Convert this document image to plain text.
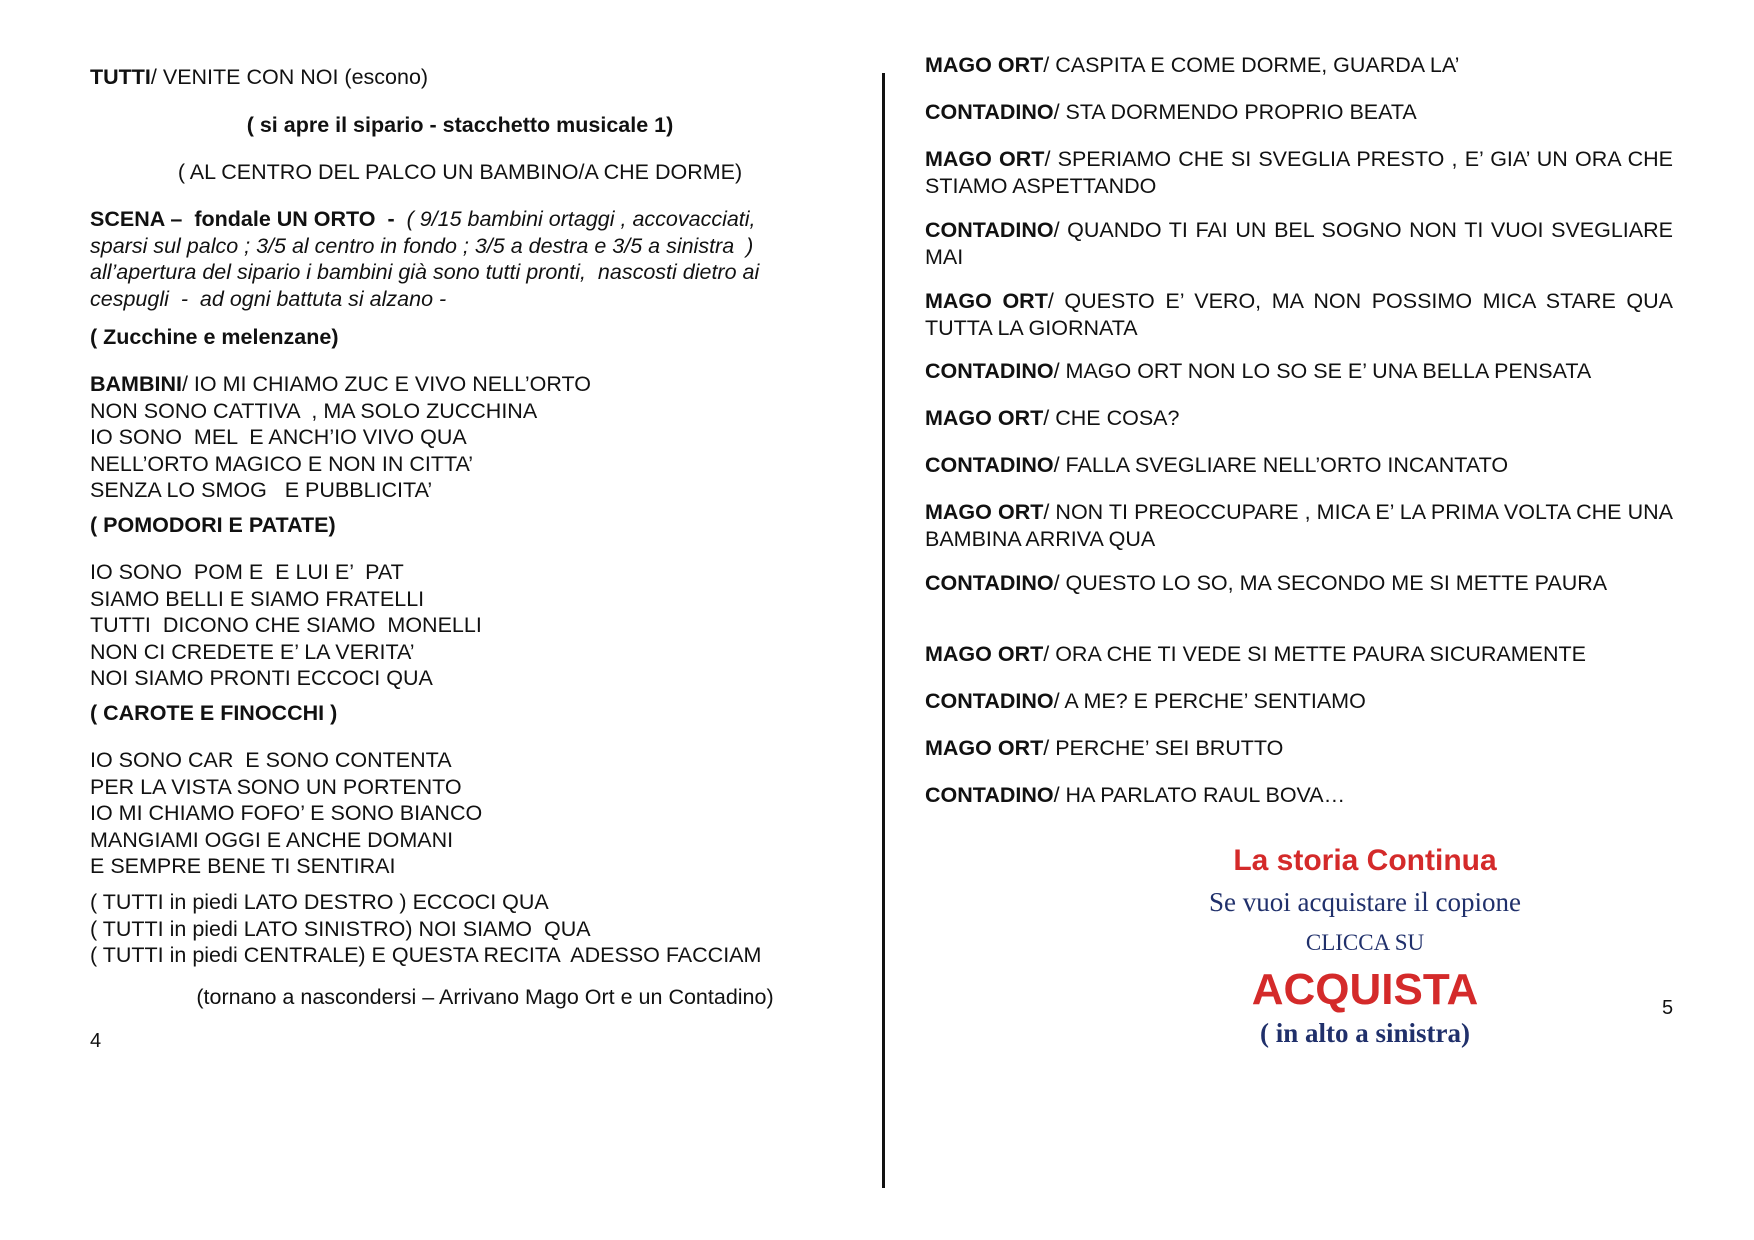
TUTTI/ VENITE CON NOI (escono)

( si apre il sipario - stacchetto musicale 1)

( AL CENTRO DEL PALCO UN BAMBINO/A CHE DORME)

SCENA –  fondale UN ORTO  -  ( 9/15 bambini ortaggi , accovacciati,
sparsi sul palco ; 3/5 al centro in fondo ; 3/5 a destra e 3/5 a sinistra  )
all’apertura del sipario i bambini già sono tutti pronti,  nascosti dietro ai
cespugli  -  ad ogni battuta si alzano -

( Zucchine e melenzane)

BAMBINI/ IO MI CHIAMO ZUC E VIVO NELL’ORTO
NON SONO CATTIVA  , MA SOLO ZUCCHINA
IO SONO  MEL  E ANCH’IO VIVO QUA
NELL’ORTO MAGICO E NON IN CITTA’
SENZA LO SMOG   E PUBBLICITA’

( POMODORI E PATATE)

IO SONO  POM E  E LUI E’  PAT
SIAMO BELLI E SIAMO FRATELLI
TUTTI  DICONO CHE SIAMO  MONELLI
NON CI CREDETE E’ LA VERITA’
NOI SIAMO PRONTI ECCOCI QUA

( CAROTE E FINOCCHI )

IO SONO CAR  E SONO CONTENTA
PER LA VISTA SONO UN PORTENTO
IO MI CHIAMO FOFO’ E SONO BIANCO
MANGIAMI OGGI E ANCHE DOMANI
E SEMPRE BENE TI SENTIRAI
( TUTTI in piedi LATO DESTRO ) ECCOCI QUA
( TUTTI in piedi LATO SINISTRO) NOI SIAMO  QUA
( TUTTI in piedi CENTRALE) E QUESTA RECITA  ADESSO FACCIAM

(tornano a nascondersi – Arrivano Mago Ort e un Contadino)

4

MAGO ORT/ CASPITA E COME DORME, GUARDA LA’

CONTADINO/ STA DORMENDO PROPRIO BEATA

MAGO ORT/ SPERIAMO CHE SI SVEGLIA PRESTO , E’ GIA’ UN ORA CHE STIAMO ASPETTANDO

CONTADINO/ QUANDO TI FAI UN BEL SOGNO NON TI VUOI SVEGLIARE MAI

MAGO ORT/ QUESTO E’ VERO, MA NON POSSIMO MICA STARE QUA TUTTA LA GIORNATA

CONTADINO/ MAGO ORT NON LO SO SE E’ UNA BELLA PENSATA

MAGO ORT/ CHE COSA?

CONTADINO/ FALLA SVEGLIARE NELL’ORTO INCANTATO

MAGO ORT/ NON TI PREOCCUPARE , MICA E’ LA PRIMA VOLTA CHE UNA BAMBINA ARRIVA QUA

CONTADINO/ QUESTO LO SO, MA SECONDO ME SI METTE PAURA

MAGO ORT/ ORA CHE TI VEDE SI METTE PAURA SICURAMENTE

CONTADINO/ A ME? E PERCHE’ SENTIAMO

MAGO ORT/ PERCHE’ SEI BRUTTO

CONTADINO/ HA PARLATO RAUL BOVA…

5
La storia Continua
Se vuoi acquistare il copione
CLICCA SU
ACQUISTA
( in alto a sinistra)
